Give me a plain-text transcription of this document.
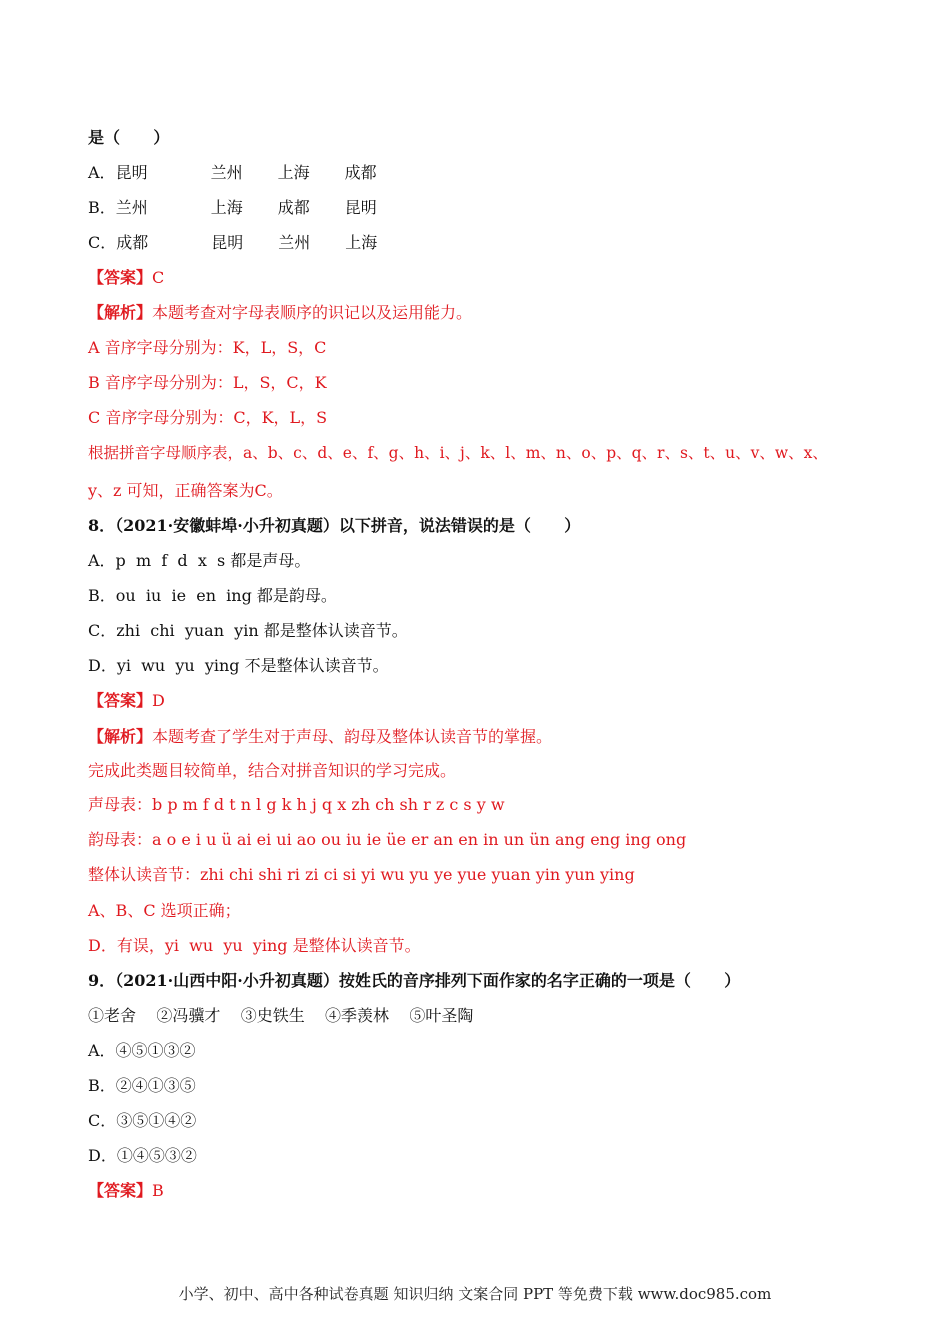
是（      ）
A．昆明	兰州 上海 成都
B．兰州	上海 成都 昆明
C．成都	昆明 兰州 上海
【答案】C
【解析】本题考查对字母表顺序的识记以及运用能力。
A 音序字母分别为：K，L，S，C
B 音序字母分别为：L，S，C，K
C 音序字母分别为：C，K，L，S
根据拼音字母顺序表，a、b、c、d、e、f、g、h、i、j、k、l、m、n、o、p、q、r、s、t、u、v、w、x、
y、z 可知，正确答案为C。
8．（2021·安徽蚌埠·小升初真题）以下拼音，说法错误的是（      ）
A．p  m  f  d  x  s 都是声母。
B．ou  iu  ie  en  ing 都是韵母。
C．zhi  chi  yuan  yin 都是整体认读音节。
D．yi  wu  yu  ying 不是整体认读音节。
【答案】D
【解析】本题考查了学生对于声母、韵母及整体认读音节的掌握。
完成此类题目较简单，结合对拼音知识的学习完成。
声母表：b p m f d t n l g k h j q x zh ch sh r z c s y w
韵母表：a o e i u ü ai ei ui ao ou iu ie üe er an en in un ün ang eng ing ong
整体认读音节：zhi chi shi ri zi ci si yi wu yu ye yue yuan yin yun ying
A、B、C 选项正确；
D．有误，yi  wu  yu  ying 是整体认读音节。
9．（2021·山西中阳·小升初真题）按姓氏的音序排列下面作家的名字正确的一项是（      ）
①老舍    ②冯骥才    ③史铁生    ④季羡林    ⑤叶圣陶
A．④⑤①③②
B．②④①③⑤
C．③⑤①④②
D．①④⑤③②
【答案】B
小学、初中、高中各种试卷真题 知识归纳 文案合同 PPT 等免费下载 www.doc985.com
